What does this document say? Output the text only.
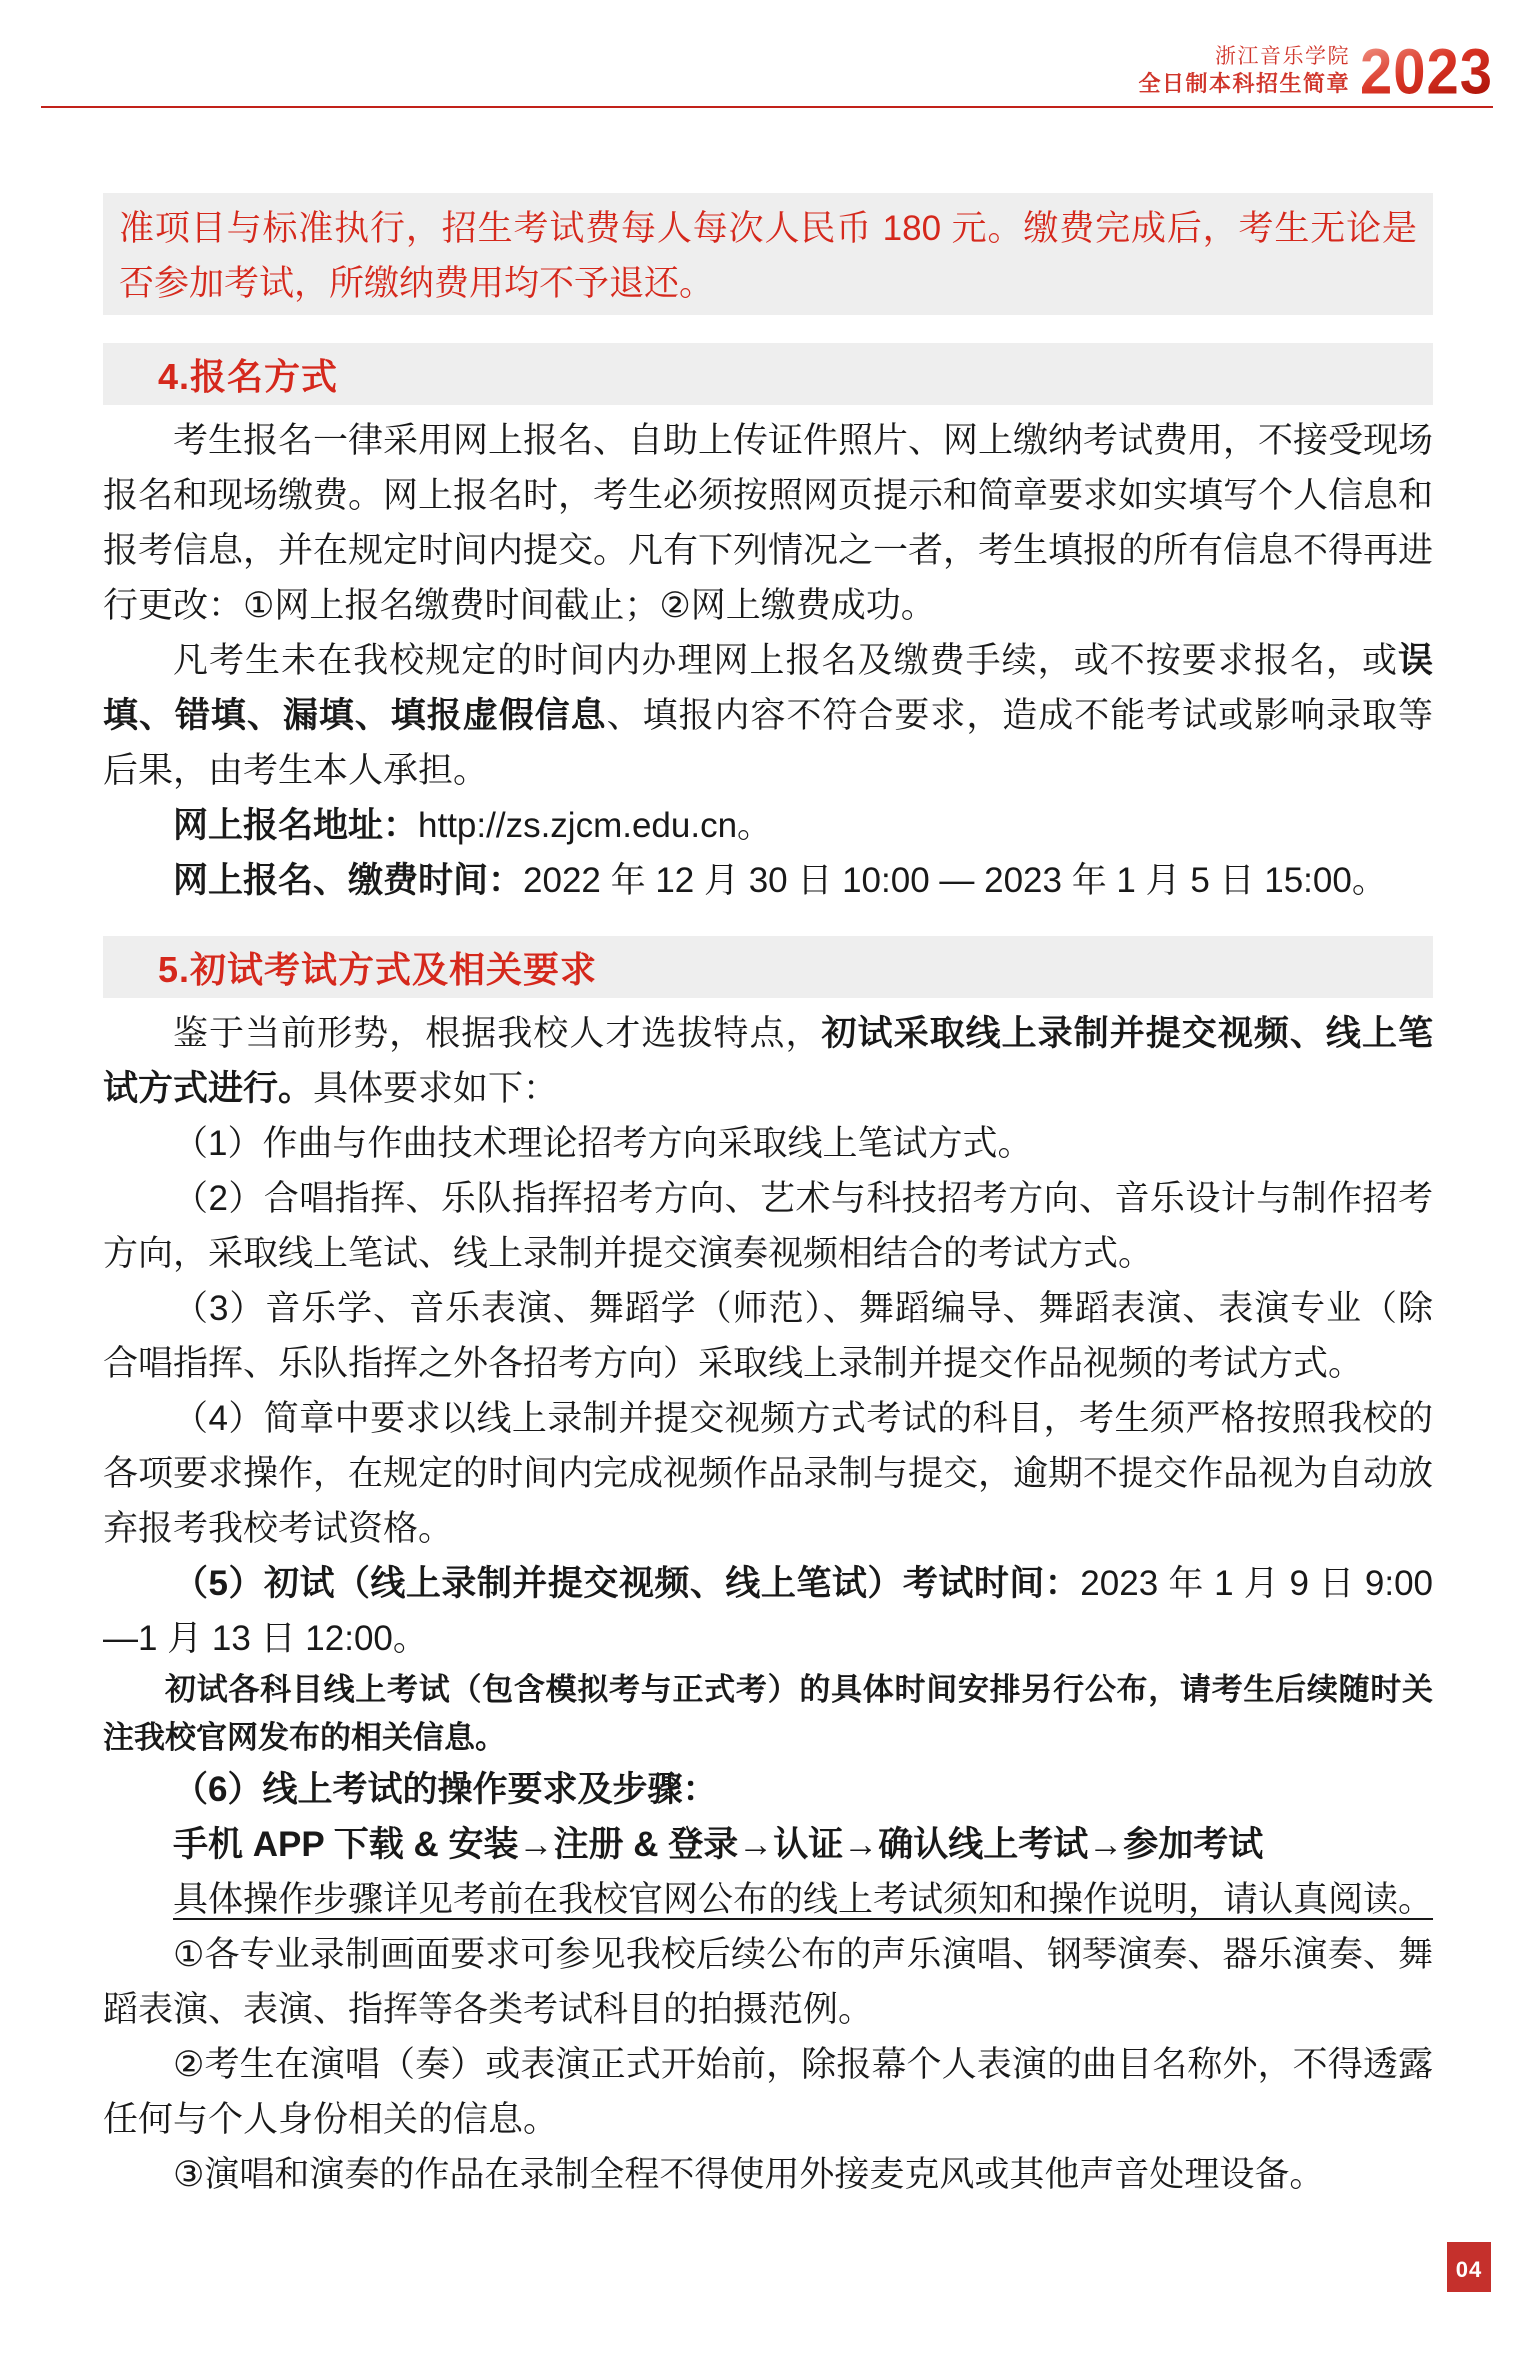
浙江音乐学院
全日制本科招生简章 2023

准项目与标准执行，招生考试费每人每次人民币 180 元。缴费完成后，考生无论是否参加考试，所缴纳费用均不予退还。

4.报名方式

考生报名一律采用网上报名、自助上传证件照片、网上缴纳考试费用，不接受现场报名和现场缴费。网上报名时，考生必须按照网页提示和简章要求如实填写个人信息和报考信息，并在规定时间内提交。凡有下列情况之一者，考生填报的所有信息不得再进行更改：①网上报名缴费时间截止；②网上缴费成功。

凡考生未在我校规定的时间内办理网上报名及缴费手续，或不按要求报名，或误填、错填、漏填、填报虚假信息、填报内容不符合要求，造成不能考试或影响录取等后果，由考生本人承担。

网上报名地址：http://zs.zjcm.edu.cn。

网上报名、缴费时间：2022 年 12 月 30 日 10:00 — 2023 年 1 月 5 日 15:00。

5.初试考试方式及相关要求

鉴于当前形势，根据我校人才选拔特点，初试采取线上录制并提交视频、线上笔试方式进行。具体要求如下：

（1）作曲与作曲技术理论招考方向采取线上笔试方式。

（2）合唱指挥、乐队指挥招考方向、艺术与科技招考方向、音乐设计与制作招考方向，采取线上笔试、线上录制并提交演奏视频相结合的考试方式。

（3）音乐学、音乐表演、舞蹈学（师范）、舞蹈编导、舞蹈表演、表演专业（除合唱指挥、乐队指挥之外各招考方向）采取线上录制并提交作品视频的考试方式。

（4）简章中要求以线上录制并提交视频方式考试的科目，考生须严格按照我校的各项要求操作，在规定的时间内完成视频作品录制与提交，逾期不提交作品视为自动放弃报考我校考试资格。

（5）初试（线上录制并提交视频、线上笔试）考试时间：2023 年 1 月 9 日 9:00—1 月 13 日 12:00。

初试各科目线上考试（包含模拟考与正式考）的具体时间安排另行公布，请考生后续随时关注我校官网发布的相关信息。

（6）线上考试的操作要求及步骤：

手机 APP 下载 & 安装→注册 & 登录→认证→确认线上考试→参加考试

具体操作步骤详见考前在我校官网公布的线上考试须知和操作说明，请认真阅读。

①各专业录制画面要求可参见我校后续公布的声乐演唱、钢琴演奏、器乐演奏、舞蹈表演、表演、指挥等各类考试科目的拍摄范例。

②考生在演唱（奏）或表演正式开始前，除报幕个人表演的曲目名称外，不得透露任何与个人身份相关的信息。

③演唱和演奏的作品在录制全程不得使用外接麦克风或其他声音处理设备。

04
